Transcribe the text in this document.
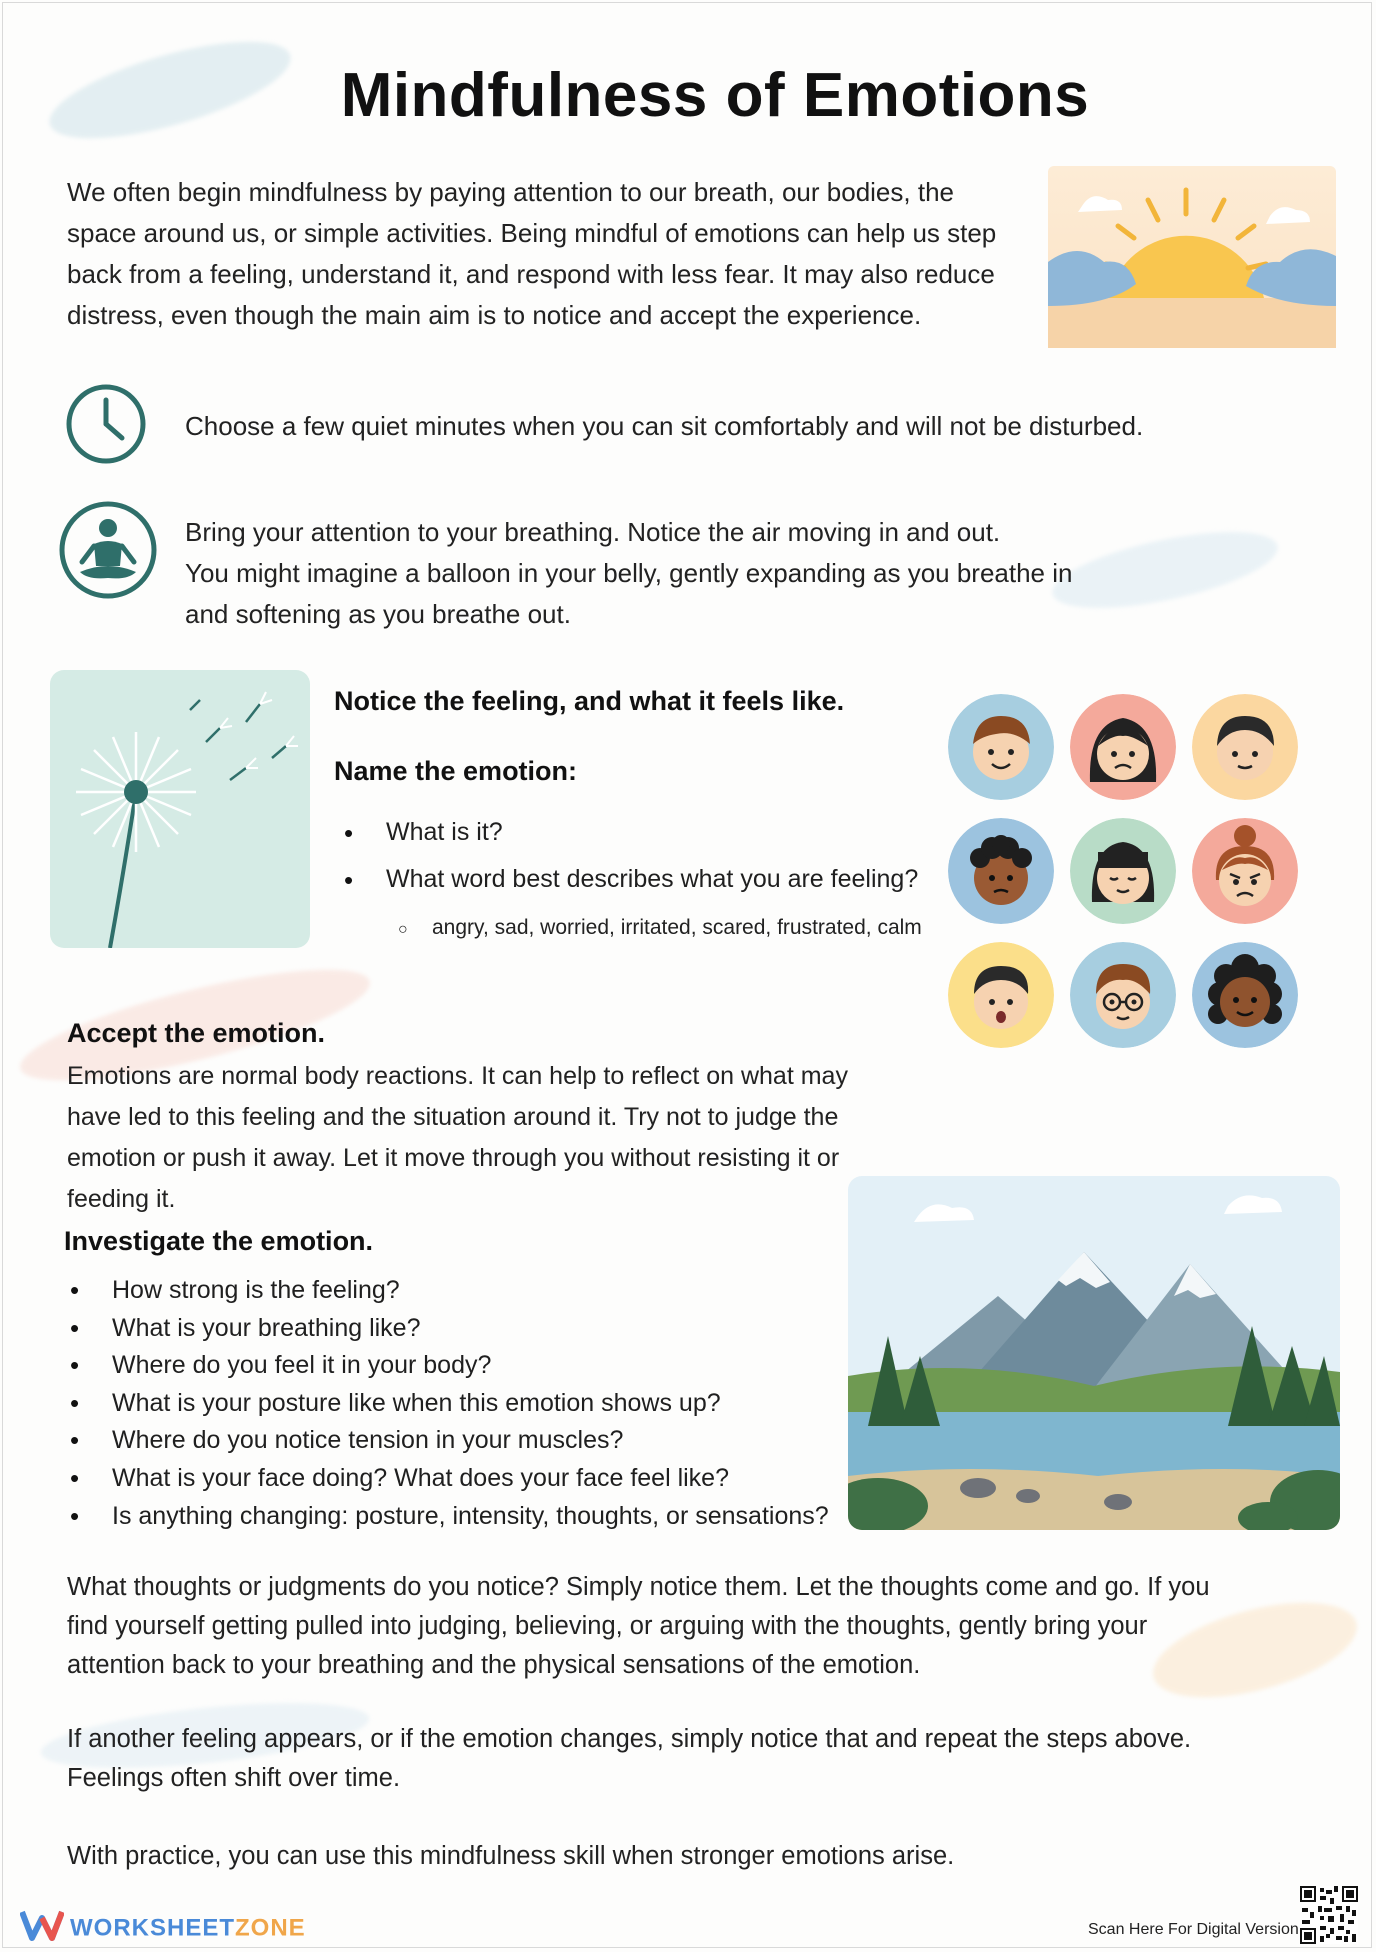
Mindfulness of Emotions
We often begin mindfulness by paying attention to our breath, our bodies, the space around us, or simple activities. Being mindful of emotions can help us step back from a feeling, understand it, and respond with less fear. It may also reduce distress, even though the main aim is to notice and accept the experience.
Choose a few quiet minutes when you can sit comfortably and will not be disturbed.
Bring your attention to your breathing. Notice the air moving in and out.
You might imagine a balloon in your belly, gently expanding as you breathe in and softening as you breathe out.
Notice the feeling, and what it feels like.
Name the emotion:
• What is it?
• What word best describes what you are feeling?
○ angry, sad, worried, irritated, scared, frustrated, calm
Accept the emotion.
Emotions are normal body reactions. It can help to reflect on what may have led to this feeling and the situation around it. Try not to judge the emotion or push it away. Let it move through you without resisting it or feeding it.
Investigate the emotion.
• How strong is the feeling?
• What is your breathing like?
• Where do you feel it in your body?
• What is your posture like when this emotion shows up?
• Where do you notice tension in your muscles?
• What is your face doing? What does your face feel like?
• Is anything changing: posture, intensity, thoughts, or sensations?
What thoughts or judgments do you notice? Simply notice them. Let the thoughts come and go. If you find yourself getting pulled into judging, believing, or arguing with the thoughts, gently bring your attention back to your breathing and the physical sensations of the emotion.
If another feeling appears, or if the emotion changes, simply notice that and repeat the steps above. Feelings often shift over time.
With practice, you can use this mindfulness skill when stronger emotions arise.
WORKSHEETZONE	Scan Here For Digital Version
